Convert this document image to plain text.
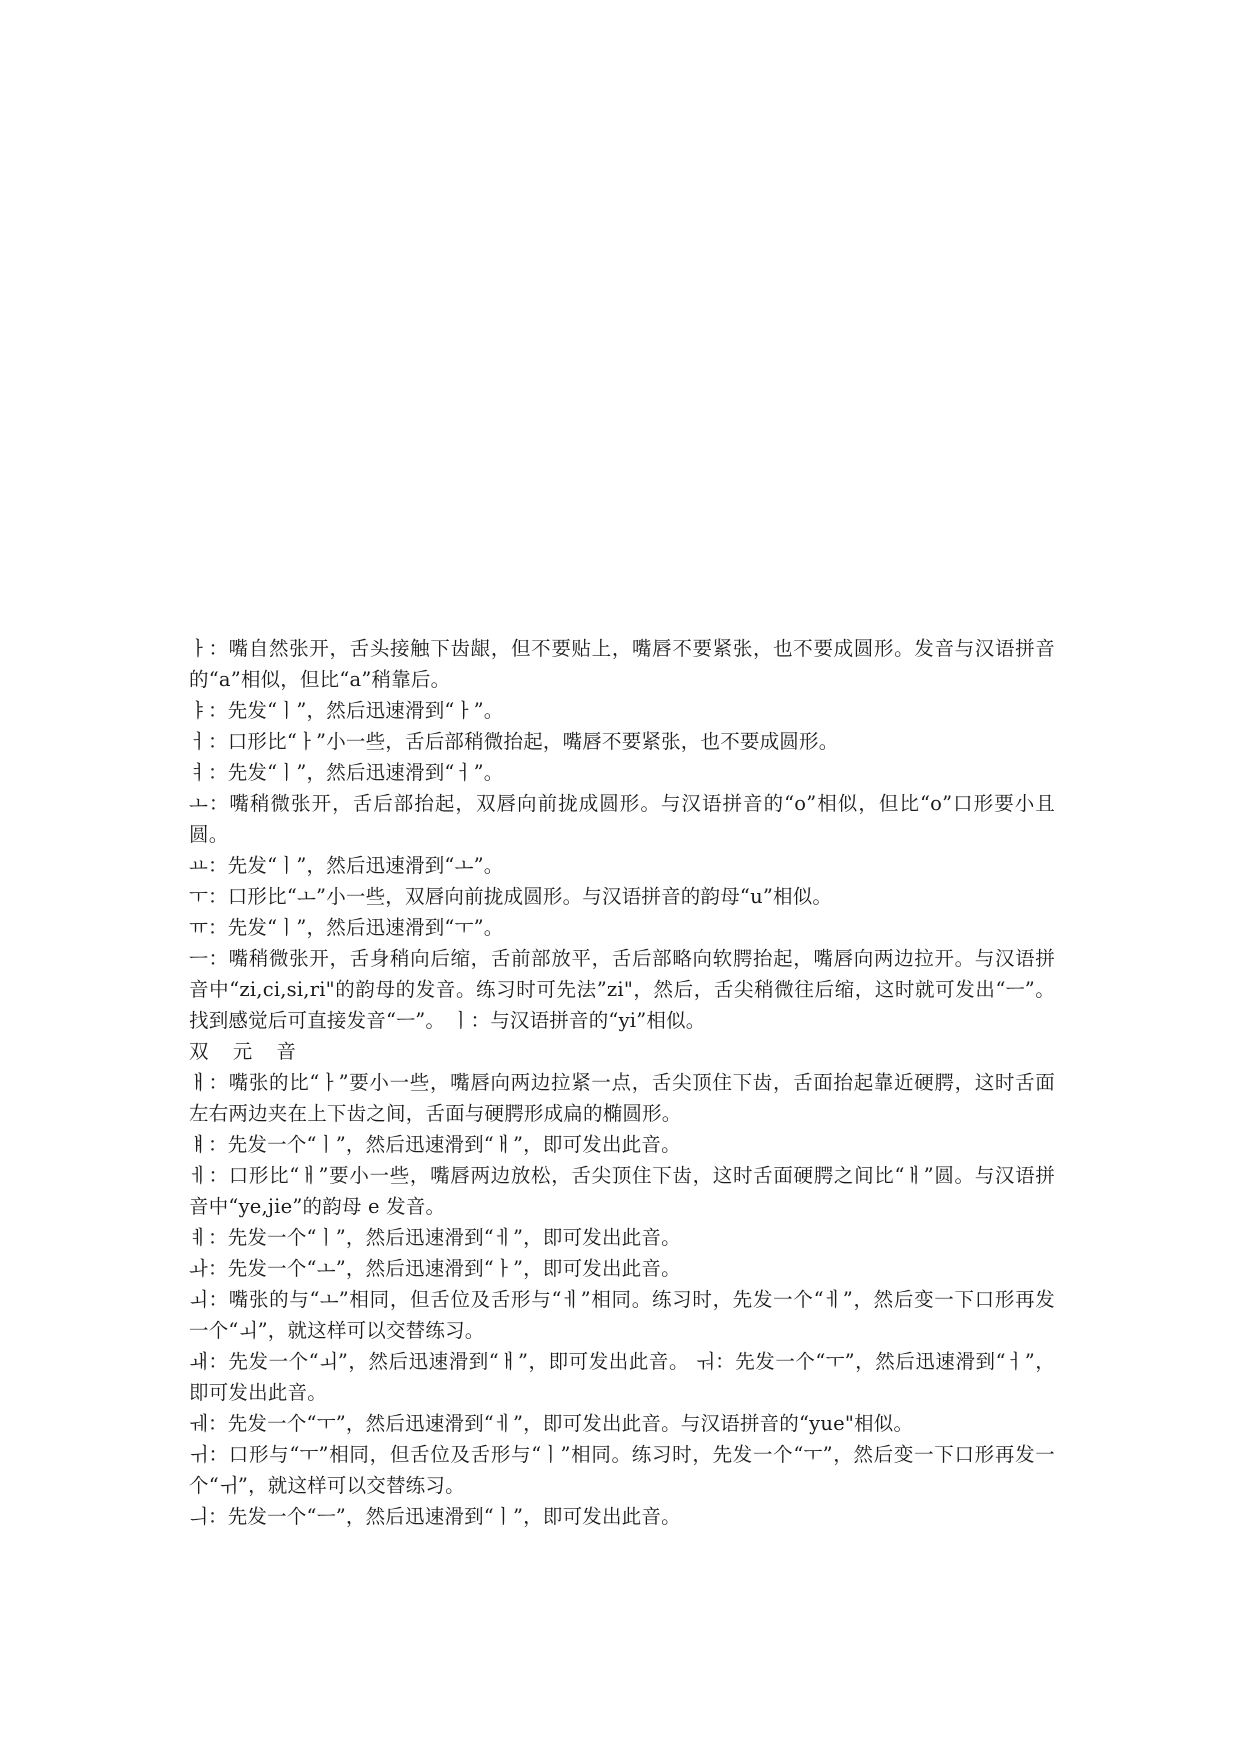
ㅏ：嘴自然张开，舌头接触下齿龈，但不要贴上，嘴唇不要紧张，也不要成圆形。发音与汉语拼音的“a”相似，但比“a”稍靠后。

ㅑ：先发“ㅣ”，然后迅速滑到“ㅏ”。

ㅓ：口形比“ㅏ”小一些，舌后部稍微抬起，嘴唇不要紧张，也不要成圆形。

ㅕ：先发“ㅣ”，然后迅速滑到“ㅓ”。

ㅗ：嘴稍微张开，舌后部抬起，双唇向前拢成圆形。与汉语拼音的“o”相似，但比“o”口形要小且圆。

ㅛ：先发“ㅣ”，然后迅速滑到“ㅗ”。

ㅜ：口形比“ㅗ”小一些，双唇向前拢成圆形。与汉语拼音的韵母“u”相似。

ㅠ：先发“ㅣ”，然后迅速滑到“ㅜ”。

ㅡ：嘴稍微张开，舌身稍向后缩，舌前部放平，舌后部略向软腭抬起，嘴唇向两边拉开。与汉语拼音中“zi,ci,si,ri"的韵母的发音。练习时可先法”zi"，然后，舌尖稍微往后缩，这时就可发出“ㅡ”。找到感觉后可直接发音“ㅡ”。 ㅣ：与汉语拼音的“yi”相似。

双 元 音

ㅐ：嘴张的比“ㅏ”要小一些，嘴唇向两边拉紧一点，舌尖顶住下齿，舌面抬起靠近硬腭，这时舌面左右两边夹在上下齿之间，舌面与硬腭形成扁的椭圆形。

ㅒ：先发一个“ㅣ”，然后迅速滑到“ㅐ”，即可发出此音。

ㅔ：口形比“ㅐ”要小一些，嘴唇两边放松，舌尖顶住下齿，这时舌面硬腭之间比“ㅐ”圆。与汉语拼音中“ye,jie”的韵母 e 发音。

ㅖ：先发一个“ㅣ”，然后迅速滑到“ㅔ”，即可发出此音。

ㅘ：先发一个“ㅗ”，然后迅速滑到“ㅏ”，即可发出此音。

ㅚ：嘴张的与“ㅗ”相同，但舌位及舌形与“ㅔ”相同。练习时，先发一个“ㅔ”，然后变一下口形再发一个“ㅚ”，就这样可以交替练习。

ㅙ：先发一个“ㅚ”，然后迅速滑到“ㅐ”，即可发出此音。 ㅝ：先发一个“ㅜ”，然后迅速滑到“ㅓ”，即可发出此音。

ㅞ：先发一个“ㅜ”，然后迅速滑到“ㅔ”，即可发出此音。与汉语拼音的“yue"相似。

ㅟ：口形与“ㅜ”相同，但舌位及舌形与“ㅣ”相同。练习时，先发一个“ㅜ”，然后变一下口形再发一个“ㅟ”，就这样可以交替练习。

ㅢ：先发一个“ㅡ”，然后迅速滑到“ㅣ”，即可发出此音。
